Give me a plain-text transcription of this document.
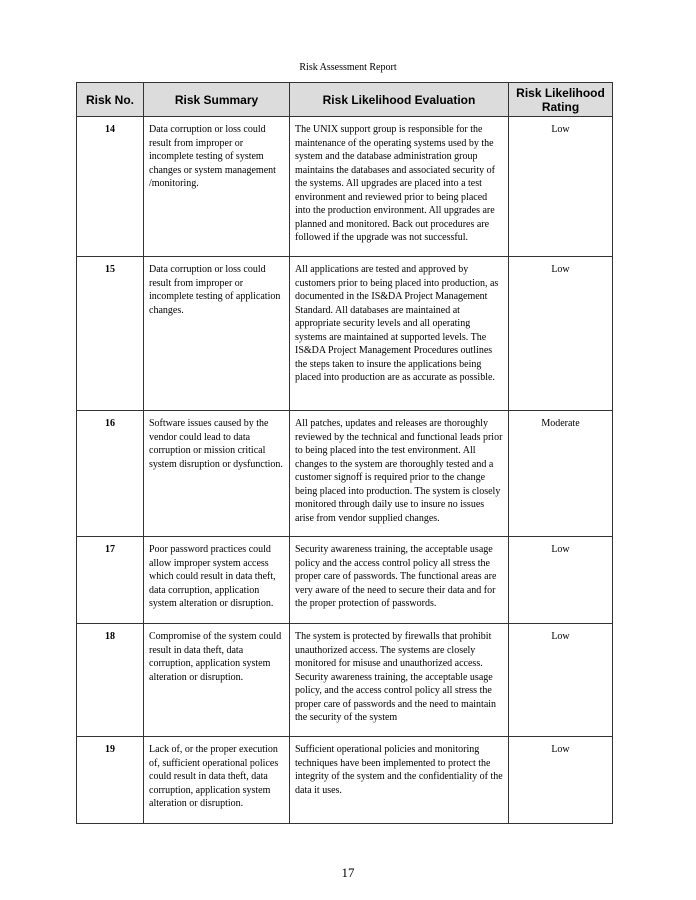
Risk Assessment Report
Risk No.	Risk Summary	Risk Likelihood Evaluation	Risk Likelihood Rating
14	Data corruption or loss could result from improper or incomplete testing of system changes or system management /monitoring.	The UNIX support group is responsible for the maintenance of the operating systems used by the system and the database administration group maintains the databases and associated security of the systems. All upgrades are placed into a test environment and reviewed prior to being placed into the production environment. All upgrades are planned and monitored. Back out procedures are followed if the upgrade was not successful.	Low
15	Data corruption or loss could result from improper or incomplete testing of application changes.	All applications are tested and approved by customers prior to being placed into production, as documented in the IS&DA Project Management Standard. All databases are maintained at appropriate security levels and all operating systems are maintained at supported levels. The IS&DA Project Management Procedures outlines the steps taken to insure the applications being placed into production are as accurate as possible.	Low
16	Software issues caused by the vendor could lead to data corruption or mission critical system disruption or dysfunction.	All patches, updates and releases are thoroughly reviewed by the technical and functional leads prior to being placed into the test environment. All changes to the system are thoroughly tested and a customer signoff is required prior to the change being placed into production. The system is closely monitored through daily use to insure no issues arise from vendor supplied changes.	Moderate
17	Poor password practices could allow improper system access which could result in data theft, data corruption, application system alteration or disruption.	Security awareness training, the acceptable usage policy and the access control policy all stress the proper care of passwords. The functional areas are very aware of the need to secure their data and for the proper protection of passwords.	Low
18	Compromise of the system could result in data theft, data corruption, application system alteration or disruption.	The system is protected by firewalls that prohibit unauthorized access. The systems are closely monitored for misuse and unauthorized access. Security awareness training, the acceptable usage policy, and the access control policy all stress the proper care of passwords and the need to maintain the security of the system	Low
19	Lack of, or the proper execution of, sufficient operational polices could result in data theft, data corruption, application system alteration or disruption.	Sufficient operational policies and monitoring techniques have been implemented to protect the integrity of the system and the confidentiality of the data it uses.	Low
17
